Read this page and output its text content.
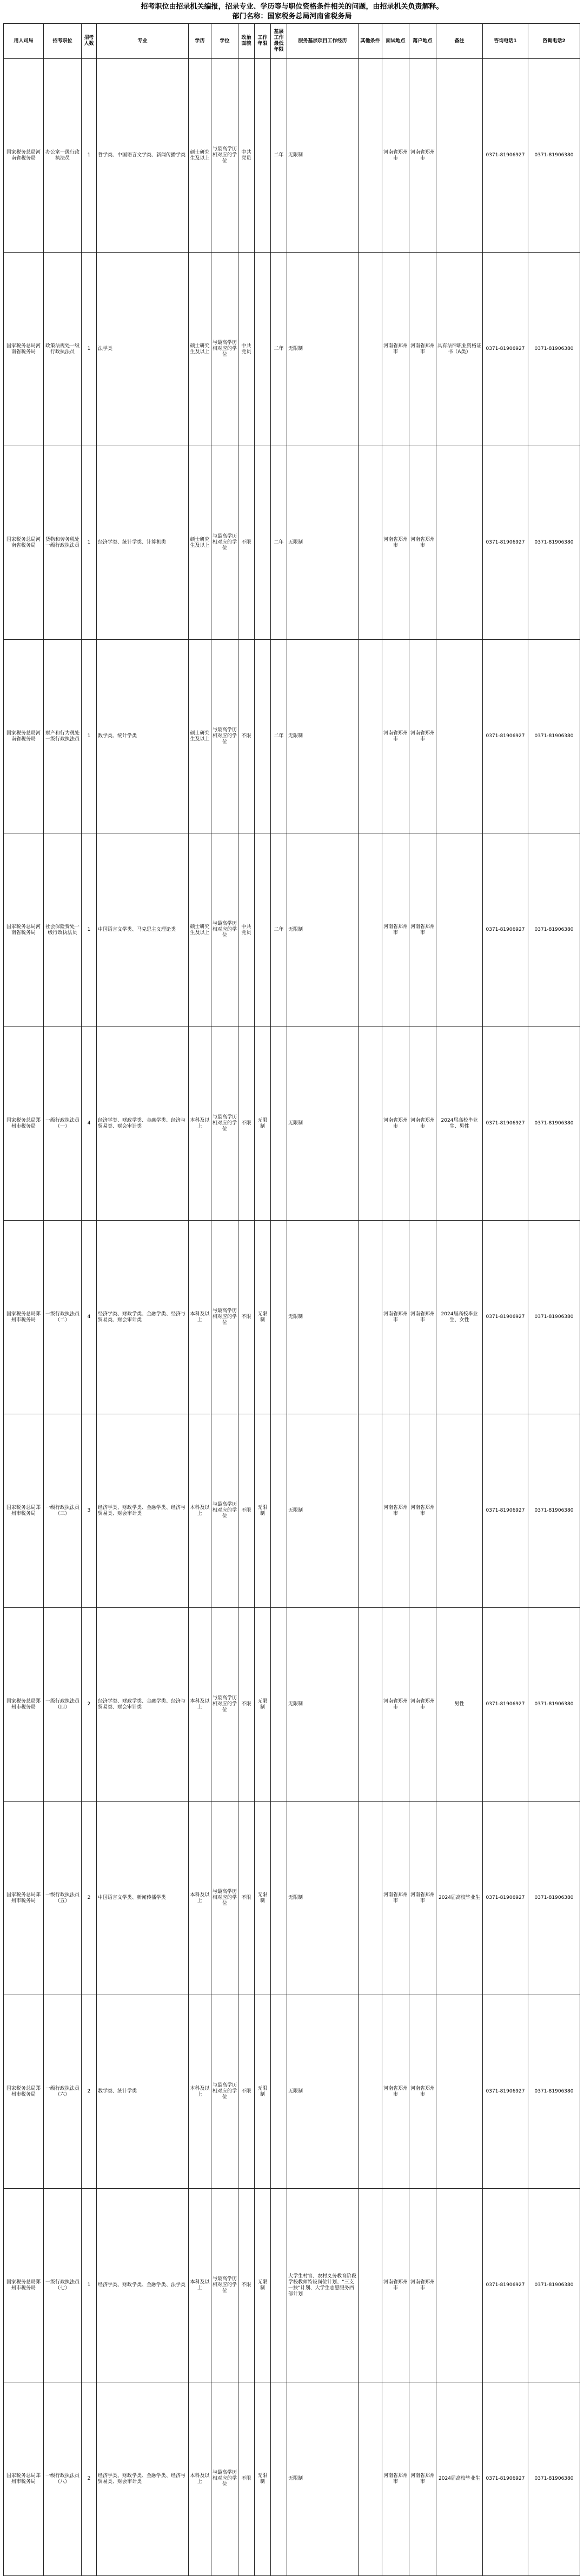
招考职位由招录机关编报，招录专业、学历等与职位资格条件相关的问题，由招录机关负责解释。
部门名称：国家税务总局河南省税务局
用人司局	招考职位	招考人数	专业	学历	学位	政治面貌	工作年限	基层工作最低年限	服务基层项目工作经历	其他条件	面试地点	落户地点	备注	咨询电话1	咨询电话2
国家税务总局河南省税务局	办公室一级行政执法员	1	哲学类、中国语言文学类、新闻传播学类	硕士研究生及以上	与最高学历相对应的学位	中共党员		二年	无限制		河南省郑州市	河南省郑州市		0371-81906927	0371-81906380
国家税务总局河南省税务局	政策法规处一级行政执法员	1	法学类	硕士研究生及以上	与最高学历相对应的学位	中共党员		二年	无限制		河南省郑州市	河南省郑州市	具有法律职业资格证书（A类）	0371-81906927	0371-81906380
国家税务总局河南省税务局	货物和劳务税处一级行政执法员	1	经济学类、统计学类、计算机类	硕士研究生及以上	与最高学历相对应的学位	不限		二年	无限制		河南省郑州市	河南省郑州市		0371-81906927	0371-81906380
国家税务总局河南省税务局	财产和行为税处一级行政执法员	1	数学类、统计学类	硕士研究生及以上	与最高学历相对应的学位	不限		二年	无限制		河南省郑州市	河南省郑州市		0371-81906927	0371-81906380
国家税务总局河南省税务局	社会保险费处一级行政执法员	1	中国语言文学类、马克思主义理论类	硕士研究生及以上	与最高学历相对应的学位	中共党员		二年	无限制		河南省郑州市	河南省郑州市		0371-81906927	0371-81906380
国家税务总局郑州市税务局	一级行政执法员（一）	4	经济学类、财政学类、金融学类、经济与贸易类、财会审计类	本科及以上	与最高学历相对应的学位	不限	无限制		无限制		河南省郑州市	河南省郑州市	2024届高校毕业生、男性	0371-81906927	0371-81906380
国家税务总局郑州市税务局	一级行政执法员（二）	4	经济学类、财政学类、金融学类、经济与贸易类、财会审计类	本科及以上	与最高学历相对应的学位	不限	无限制		无限制		河南省郑州市	河南省郑州市	2024届高校毕业生、女性	0371-81906927	0371-81906380
国家税务总局郑州市税务局	一级行政执法员（三）	3	经济学类、财政学类、金融学类、经济与贸易类、财会审计类	本科及以上	与最高学历相对应的学位	不限	无限制		无限制		河南省郑州市	河南省郑州市		0371-81906927	0371-81906380
国家税务总局郑州市税务局	一级行政执法员（四）	2	经济学类、财政学类、金融学类、经济与贸易类、财会审计类	本科及以上	与最高学历相对应的学位	不限	无限制		无限制		河南省郑州市	河南省郑州市	男性	0371-81906927	0371-81906380
国家税务总局郑州市税务局	一级行政执法员（五）	2	中国语言文学类、新闻传播学类	本科及以上	与最高学历相对应的学位	不限	无限制		无限制		河南省郑州市	河南省郑州市	2024届高校毕业生	0371-81906927	0371-81906380
国家税务总局郑州市税务局	一级行政执法员（六）	2	数学类、统计学类	本科及以上	与最高学历相对应的学位	不限	无限制		无限制		河南省郑州市	河南省郑州市		0371-81906927	0371-81906380
国家税务总局郑州市税务局	一级行政执法员（七）	1	经济学类、财政学类、金融学类、法学类	本科及以上	与最高学历相对应的学位	不限	无限制		大学生村官、农村义务教育阶段学校教师特设岗位计划、“三支一扶”计划、大学生志愿服务西部计划		河南省郑州市	河南省郑州市		0371-81906927	0371-81906380
国家税务总局郑州市税务局	一级行政执法员（八）	2	经济学类、财政学类、金融学类、经济与贸易类、财会审计类	本科及以上	与最高学历相对应的学位	不限	无限制		无限制		河南省郑州市	河南省郑州市	2024届高校毕业生	0371-81906927	0371-81906380
